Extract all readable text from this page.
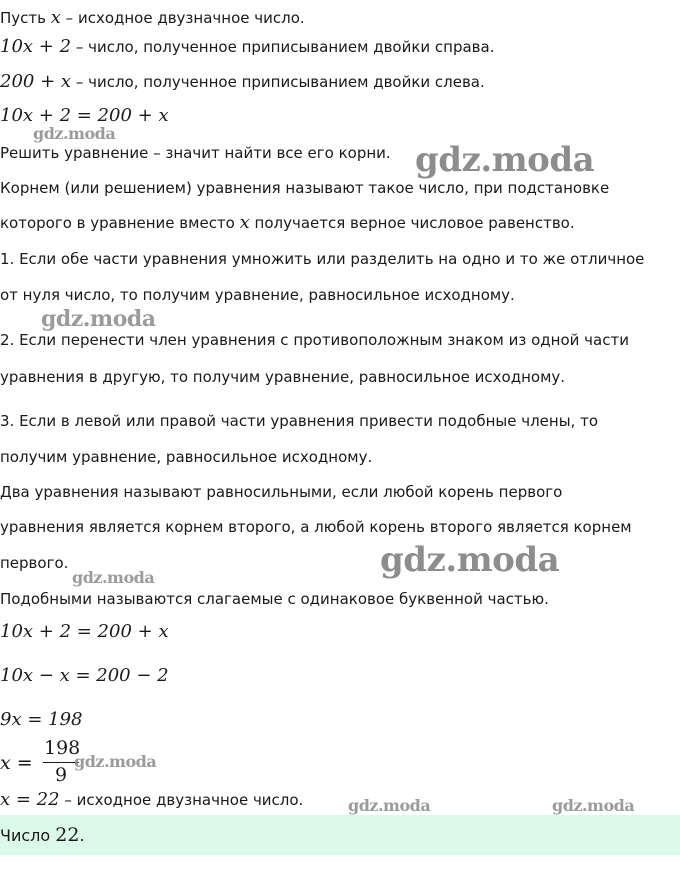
Пусть x – исходное двузначное число.
10x + 2 – число, полученное приписыванием двойки справа.
200 + x – число, полученное приписыванием двойки слева.
10x + 2 = 200 + x
Решить уравнение – значит найти все его корни.
Корнем (или решением) уравнения называют такое число, при подстановке
которого в уравнение вместо x получается верное числовое равенство.
1. Если обе части уравнения умножить или разделить на одно и то же отличное
от нуля число, то получим уравнение, равносильное исходному.
2. Если перенести член уравнения с противоположным знаком из одной части
уравнения в другую, то получим уравнение, равносильное исходному.
3. Если в левой или правой части уравнения привести подобные члены, то
получим уравнение, равносильное исходному.
Два уравнения называют равносильными, если любой корень первого
уравнения является корнем второго, а любой корень второго является корнем
первого.
Подобными называются слагаемые с одинаковое буквенной частью.
10x + 2 = 200 + x
10x − x = 200 − 2
9x = 198
x =
198
9
x = 22 – исходное двузначное число.
Число 22.
gdz.moda
gdz.moda
gdz.moda
gdz.moda
gdz.moda
gdz.moda
gdz.moda	gdz.moda
